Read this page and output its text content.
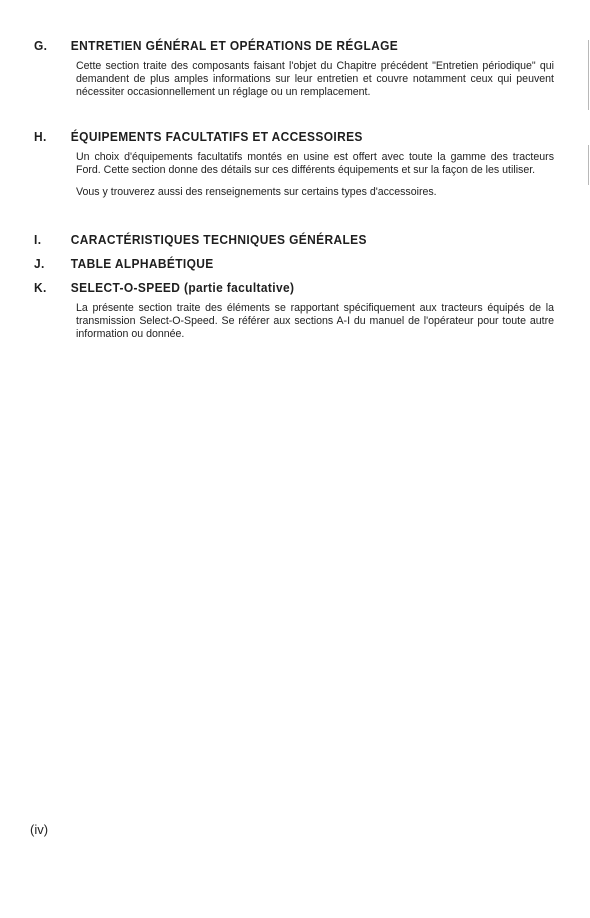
G.	ENTRETIEN GÉNÉRAL ET OPÉRATIONS DE RÉGLAGE

Cette section traite des composants faisant l'objet du Chapitre précédent "Entretien périodique" qui demandent de plus amples informations sur leur entretien et couvre notamment ceux qui peuvent nécessiter occasionnellement un réglage ou un remplacement.

H.	ÉQUIPEMENTS FACULTATIFS ET ACCESSOIRES

Un choix d'équipements facultatifs montés en usine est offert avec toute la gamme des tracteurs Ford. Cette section donne des détails sur ces différents équipements et sur la façon de les utiliser.

Vous y trouverez aussi des renseignements sur certains types d'accessoires.

I.	CARACTÉRISTIQUES TECHNIQUES GÉNÉRALES
J.	TABLE ALPHABÉTIQUE
K.	SELECT-O-SPEED (partie facultative)

La présente section traite des éléments se rapportant spécifiquement aux tracteurs équipés de la transmission Select-O-Speed. Se référer aux sections A-I du manuel de l'opérateur pour toute autre information ou donnée.

(iv)
